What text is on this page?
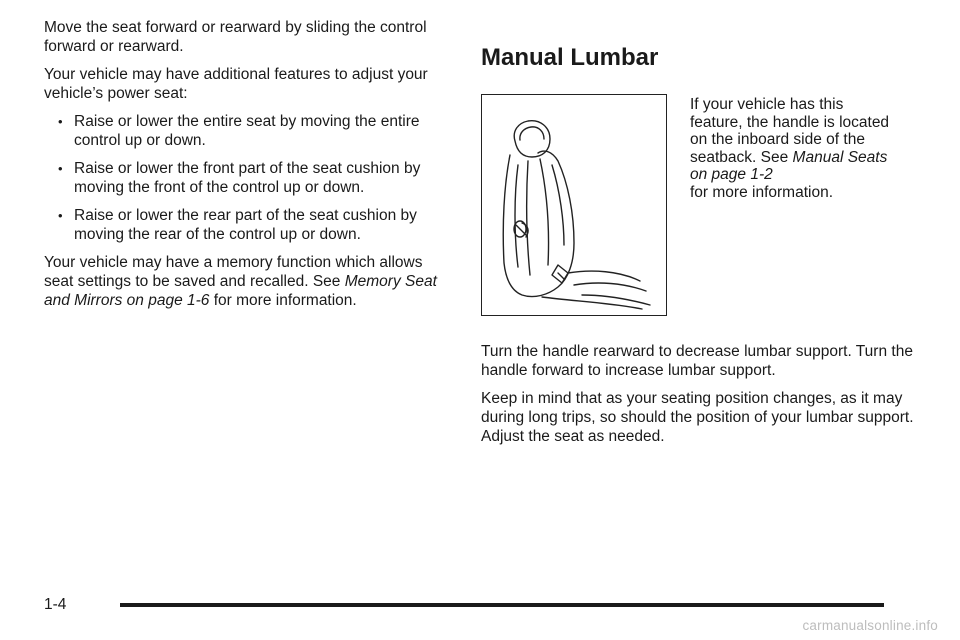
Move the seat forward or rearward by sliding the control forward or rearward.

Your vehicle may have additional features to adjust your vehicle’s power seat:

• Raise or lower the entire seat by moving the entire control up or down.
• Raise or lower the front part of the seat cushion by moving the front of the control up or down.
• Raise or lower the rear part of the seat cushion by moving the rear of the control up or down.

Your vehicle may have a memory function which allows seat settings to be saved and recalled. See Memory Seat and Mirrors on page 1-6 for more information.

Manual Lumbar
If your vehicle has this feature, the handle is located on the inboard side of the seatback. See Manual Seats on page 1-2
for more information.

Turn the handle rearward to decrease lumbar support. Turn the handle forward to increase lumbar support.

Keep in mind that as your seating position changes, as it may during long trips, so should the position of your lumbar support. Adjust the seat as needed.

1-4
carmanualsonline.info
